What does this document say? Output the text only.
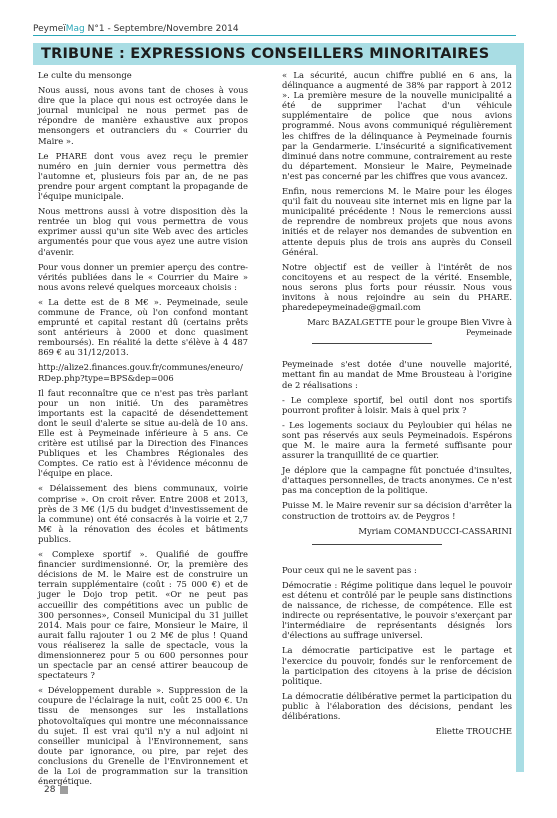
PeymeïMag N°1 - Septembre/Novembre 2014
TRIBUNE : EXPRESSIONS CONSEILLERS MINORITAIRES

Le culte du mensonge

Nous aussi, nous avons tant de choses à vous dire que la place qui nous est octroyée dans le journal municipal ne nous permet pas de répondre de manière exhaustive aux propos mensongers et outranciers du « Courrier du Maire ».

Le PHARE dont vous avez reçu le premier numéro en juin dernier vous permettra dès l'automne et, plusieurs fois par an, de ne pas prendre pour argent comptant la propagande de l'équipe municipale.

Nous mettrons aussi à votre disposition dès la rentrée un blog qui vous permettra de vous exprimer aussi qu'un site Web avec des articles argumentés pour que vous ayez une autre vision d'avenir.

Pour vous donner un premier aperçu des contre-vérités publiées dans le « Courrier du Maire » nous avons relevé quelques morceaux choisis :

« La dette est de 8 M€ ». Peymeinade, seule commune de France, où l'on confond montant emprunté et capital restant dû (certains prêts sont antérieurs à 2000 et donc quasiment remboursés). En réalité la dette s'élève à 4 487 869 € au 31/12/2013.

http://alize2.finances.gouv.fr/communes/eneuro/RDep.php?type=BPS&dep=006

Il faut reconnaître que ce n'est pas très parlant pour un non initié. Un des paramètres importants est la capacité de désendettement dont le seuil d'alerte se situe au-delà de 10 ans. Elle est à Peymeinade inférieure à 5 ans. Ce critère est utilisé par la Direction des Finances Publiques et les Chambres Régionales des Comptes. Ce ratio est à l'évidence méconnu de l'équipe en place.

« Délaissement des biens communaux, voirie comprise ». On croit rêver. Entre 2008 et 2013, près de 3 M€ (1/5 du budget d'investissement de la commune) ont été consacrés à la voirie et 2,7 M€ à la rénovation des écoles et bâtiments publics.

« Complexe sportif ». Qualifié de gouffre financier surdimensionné. Or, la première des décisions de M. le Maire est de construire un terrain supplémentaire (coût : 75 000 €) et de juger le Dojo trop petit. «Or ne peut pas accueillir des compétitions avec un public de 300 personnes», Conseil Municipal du 31 juillet 2014. Mais pour ce faire, Monsieur le Maire, il aurait fallu rajouter 1 ou 2 M€ de plus ! Quand vous réaliserez la salle de spectacle, vous la dimensionnerez pour 5 ou 600 personnes pour un spectacle par an censé attirer beaucoup de spectateurs ?

« Développement durable ». Suppression de la coupure de l'éclairage la nuit, coût 25 000 €. Un tissu de mensonges sur les installations photovoltaïques qui montre une méconnaissance du sujet. Il est vrai qu'il n'y a nul adjoint ni conseiller municipal à l'Environnement, sans doute par ignorance, ou pire, par rejet des conclusions du Grenelle de l'Environnement et de la Loi de programmation sur la transition énergétique.

« La sécurité, aucun chiffre publié en 6 ans, la délinquance a augmenté de 38% par rapport à 2012 ». La première mesure de la nouvelle municipalité a été de supprimer l'achat d'un véhicule supplémentaire de police que nous avions programmé. Nous avons communiqué régulièrement les chiffres de la délinquance à Peymeinade fournis par la Gendarmerie. L'insécurité a significativement diminué dans notre commune, contrairement au reste du département. Monsieur le Maire, Peymeinade n'est pas concerné par les chiffres que vous avancez.

Enfin, nous remercions M. le Maire pour les éloges qu'il fait du nouveau site internet mis en ligne par la municipalité précédente ! Nous le remercions aussi de reprendre de nombreux projets que nous avons initiés et de relayer nos demandes de subvention en attente depuis plus de trois ans auprès du Conseil Général.

Notre objectif est de veiller à l'intérêt de nos concitoyens et au respect de la vérité. Ensemble, nous serons plus forts pour réussir. Nous vous invitons à nous rejoindre au sein du PHARE. pharedepeymeinade@gmail.com

Marc BAZALGETTE pour le groupe Bien Vivre à

Peymeinade

Peymeinade s'est dotée d'une nouvelle majorité, mettant fin au mandat de Mme Brousteau à l'origine de 2 réalisations :

- Le complexe sportif, bel outil dont nos sportifs pourront profiter à loisir. Mais à quel prix ?

- Les logements sociaux du Peyloubier qui hélas ne sont pas réservés aux seuls Peymeinadois. Espérons que M. le maire aura la fermeté suffisante pour assurer la tranquillité de ce quartier.

Je déplore que la campagne fût ponctuée d'insultes, d'attaques personnelles, de tracts anonymes. Ce n'est pas ma conception de la politique.

Puisse M. le Maire revenir sur sa décision d'arrêter la construction de trottoirs av. de Peygros !

Myriam COMANDUCCI-CASSARINI

Pour ceux qui ne le savent pas :

Démocratie : Régime politique dans lequel le pouvoir est détenu et contrôlé par le peuple sans distinctions de naissance, de richesse, de compétence. Elle est indirecte ou représentative, le pouvoir s'exerçant par l'intermédiaire de représentants désignés lors d'élections au suffrage universel.

La démocratie participative est le partage et l'exercice du pouvoir, fondés sur le renforcement de la participation des citoyens à la prise de décision politique.

La démocratie délibérative permet la participation du public à l'élaboration des décisions, pendant les délibérations.

Eliette TROUCHE

28
